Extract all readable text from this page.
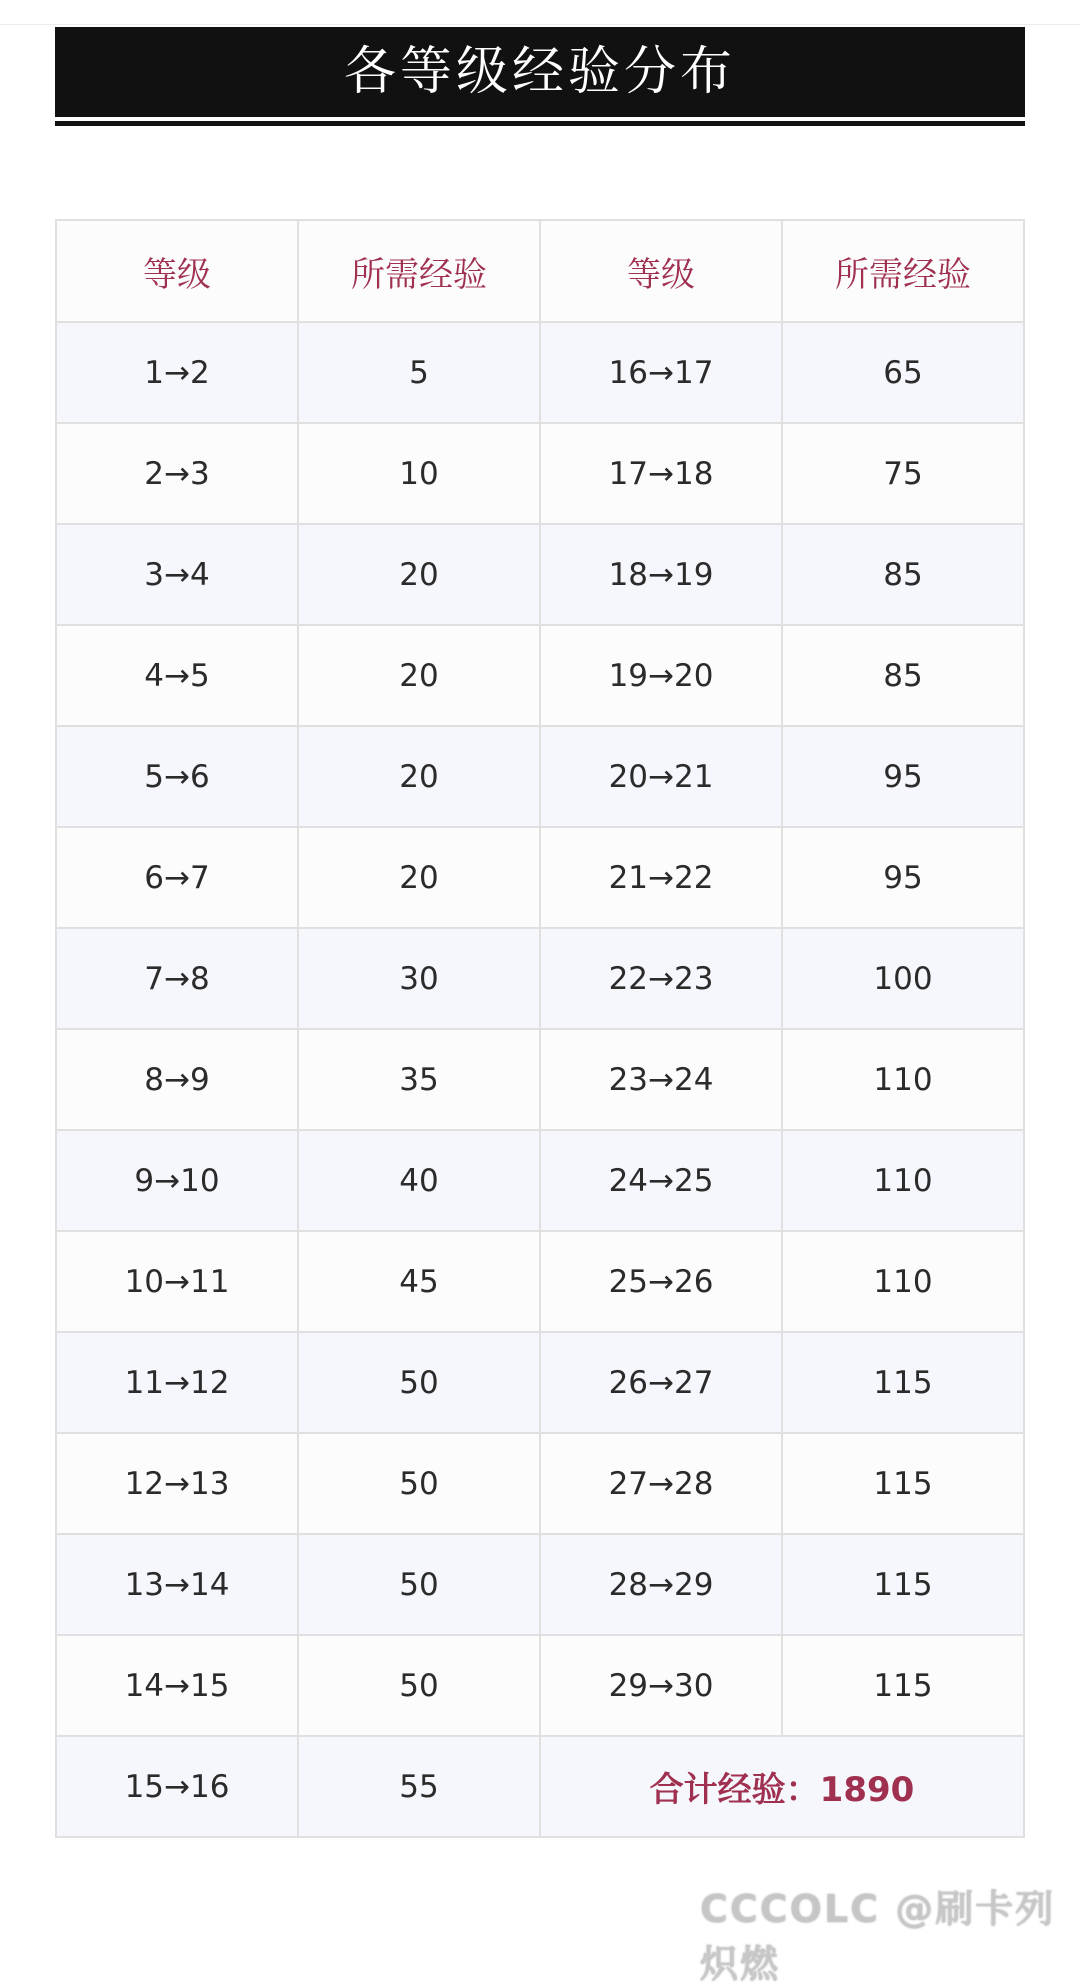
各等级经验分布
等级	所需经验	等级	所需经验
1→2	5	16→17	65
2→3	10	17→18	75
3→4	20	18→19	85
4→5	20	19→20	85
5→6	20	20→21	95
6→7	20	21→22	95
7→8	30	22→23	100
8→9	35	23→24	110
9→10	40	24→25	110
10→11	45	25→26	110
11→12	50	26→27	115
12→13	50	27→28	115
13→14	50	28→29	115
14→15	50	29→30	115
15→16	55	合计经验：1890	
CCCOLC @刷卡列炽燃
